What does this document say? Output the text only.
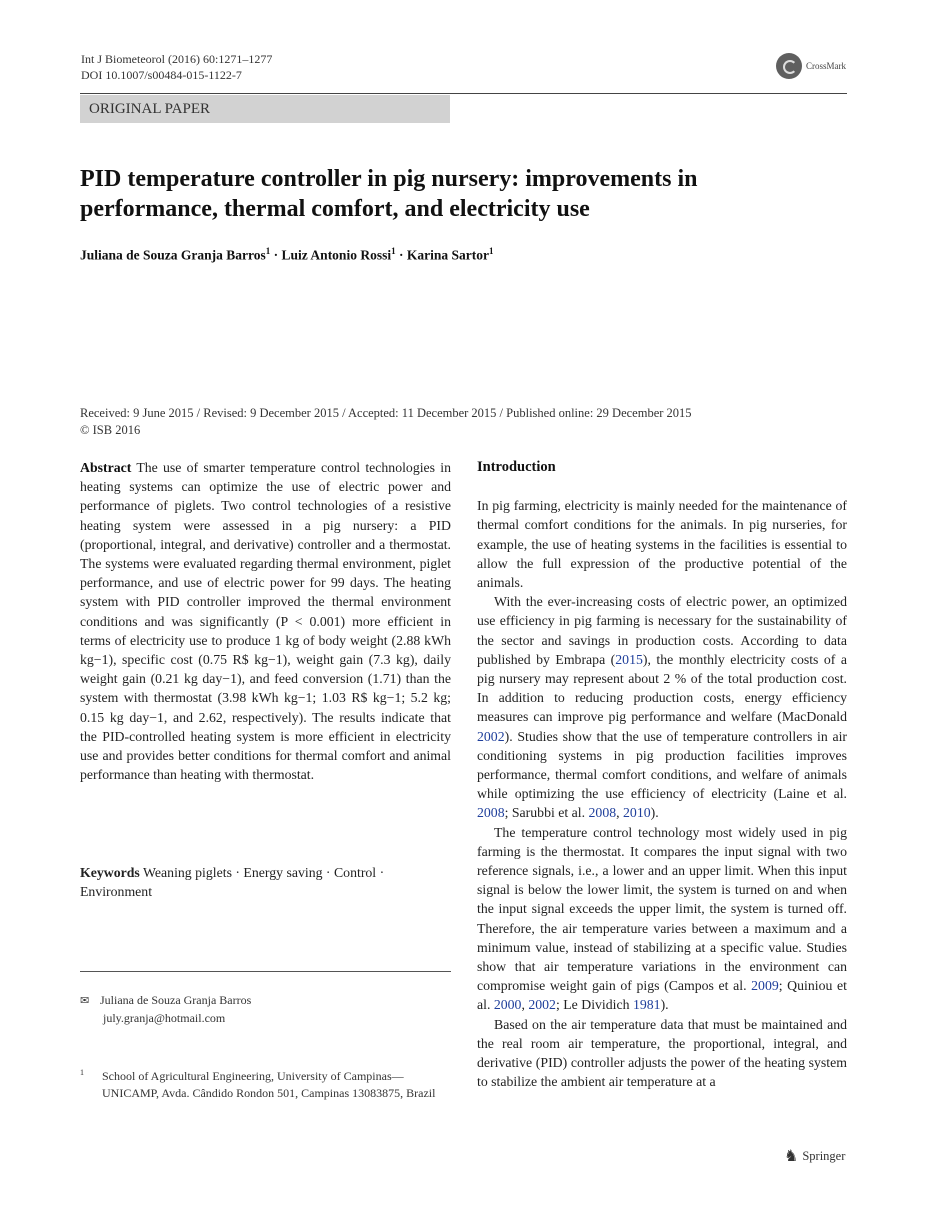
Int J Biometeorol (2016) 60:1271–1277
DOI 10.1007/s00484-015-1122-7
CrossMark
ORIGINAL PAPER
PID temperature controller in pig nursery: improvements in performance, thermal comfort, and electricity use
Juliana de Souza Granja Barros$^1$ · Luiz Antonio Rossi$^1$ · Karina Sartor$^1$
Received: 9 June 2015 / Revised: 9 December 2015 / Accepted: 11 December 2015 / Published online: 29 December 2015
© ISB 2016

Abstract The use of smarter temperature control technologies in heating systems can optimize the use of electric power and performance of piglets. Two control technologies of a resistive heating system were assessed in a pig nursery: a PID (proportional, integral, and derivative) controller and a thermostat. The systems were evaluated regarding thermal environment, piglet performance, and use of electric power for 99 days. The heating system with PID controller improved the thermal environment conditions and was significantly (P < 0.001) more efficient in terms of electricity use to produce 1 kg of body weight (2.88 kWh kg−1), specific cost (0.75 R$ kg−1), weight gain (7.3 kg), daily weight gain (0.21 kg day−1), and feed conversion (1.71) than the system with thermostat (3.98 kWh kg−1; 1.03 R$ kg−1; 5.2 kg; 0.15 kg day−1, and 2.62, respectively). The results indicate that the PID-controlled heating system is more efficient in electricity use and provides better conditions for thermal comfort and animal performance than heating with thermostat.

Keywords Weaning piglets · Energy saving · Control · Environment
✉ Juliana de Souza Granja Barros
july.granja@hotmail.com
1	School of Agricultural Engineering, University of Campinas—UNICAMP, Avda. Cândido Rondon 501, Campinas 13083875, Brazil
Introduction

In pig farming, electricity is mainly needed for the maintenance of thermal comfort conditions for the animals. In pig nurseries, for example, the use of heating systems in the facilities is essential to allow the full expression of the productive potential of the animals.

With the ever-increasing costs of electric power, an optimized use efficiency in pig farming is necessary for the sustainability of the sector and savings in production costs. According to data published by Embrapa (2015), the monthly electricity costs of a pig nursery may represent about 2 % of the total production cost. In addition to reducing production costs, energy efficiency measures can improve pig performance and welfare (MacDonald 2002). Studies show that the use of temperature controllers in air conditioning systems in pig production facilities improves performance, thermal comfort conditions, and welfare of animals while optimizing the use efficiency of electricity (Laine et al. 2008; Sarubbi et al. 2008, 2010).

The temperature control technology most widely used in pig farming is the thermostat. It compares the input signal with two reference signals, i.e., a lower and an upper limit. When this input signal is below the lower limit, the system is turned on and when the input signal exceeds the upper limit, the system is turned off. Therefore, the air temperature varies between a maximum and a minimum value, instead of stabilizing at a specific value. Studies show that air temperature variations in the environment can compromise weight gain of pigs (Campos et al. 2009; Quiniou et al. 2000, 2002; Le Dividich 1981).

Based on the air temperature data that must be maintained and the real room air temperature, the proportional, integral, and derivative (PID) controller adjusts the power of the heating system to stabilize the ambient air temperature at a

♞ Springer
